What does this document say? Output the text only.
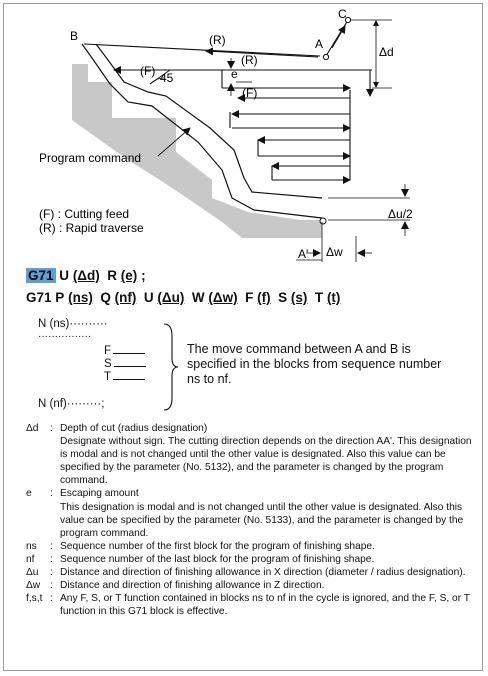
B
A
C
(R)
(R)
(F)
(F)
e
45
Δd
Δu/2
Δw
A'
Program command
(F) : Cutting feed
(R) : Rapid traverse
G71 U (Δd) R (e) ;
G71 P (ns) Q (nf) U (Δu) W (Δw) F (f) S (s) T (t)
N (ns)··········
················
F
S
T
N (nf)·········;
The move command between A and B is specified in the blocks from sequence number ns to nf.
Δd	: Depth of cut (radius designation)
Designate without sign. The cutting direction depends on the direction AA'. This designation is modal and is not changed until the other value is designated. Also this value can be specified by the parameter (No. 5132), and the parameter is changed by the program command.
e	: Escaping amount
This designation is modal and is not changed until the other value is designated. Also this value can be specified by the parameter (No. 5133), and the parameter is changed by the program command.
ns	: Sequence number of the first block for the program of finishing shape.
nf	: Sequence number of the last block for the program of finishing shape.
Δu	: Distance and direction of finishing allowance in X direction (diameter / radius designation).
Δw : Distance and direction of finishing allowance in Z direction.
f,s,t : Any F, S, or T function contained in blocks ns to nf in the cycle is ignored, and the F, S, or T function in this G71 block is effective.
